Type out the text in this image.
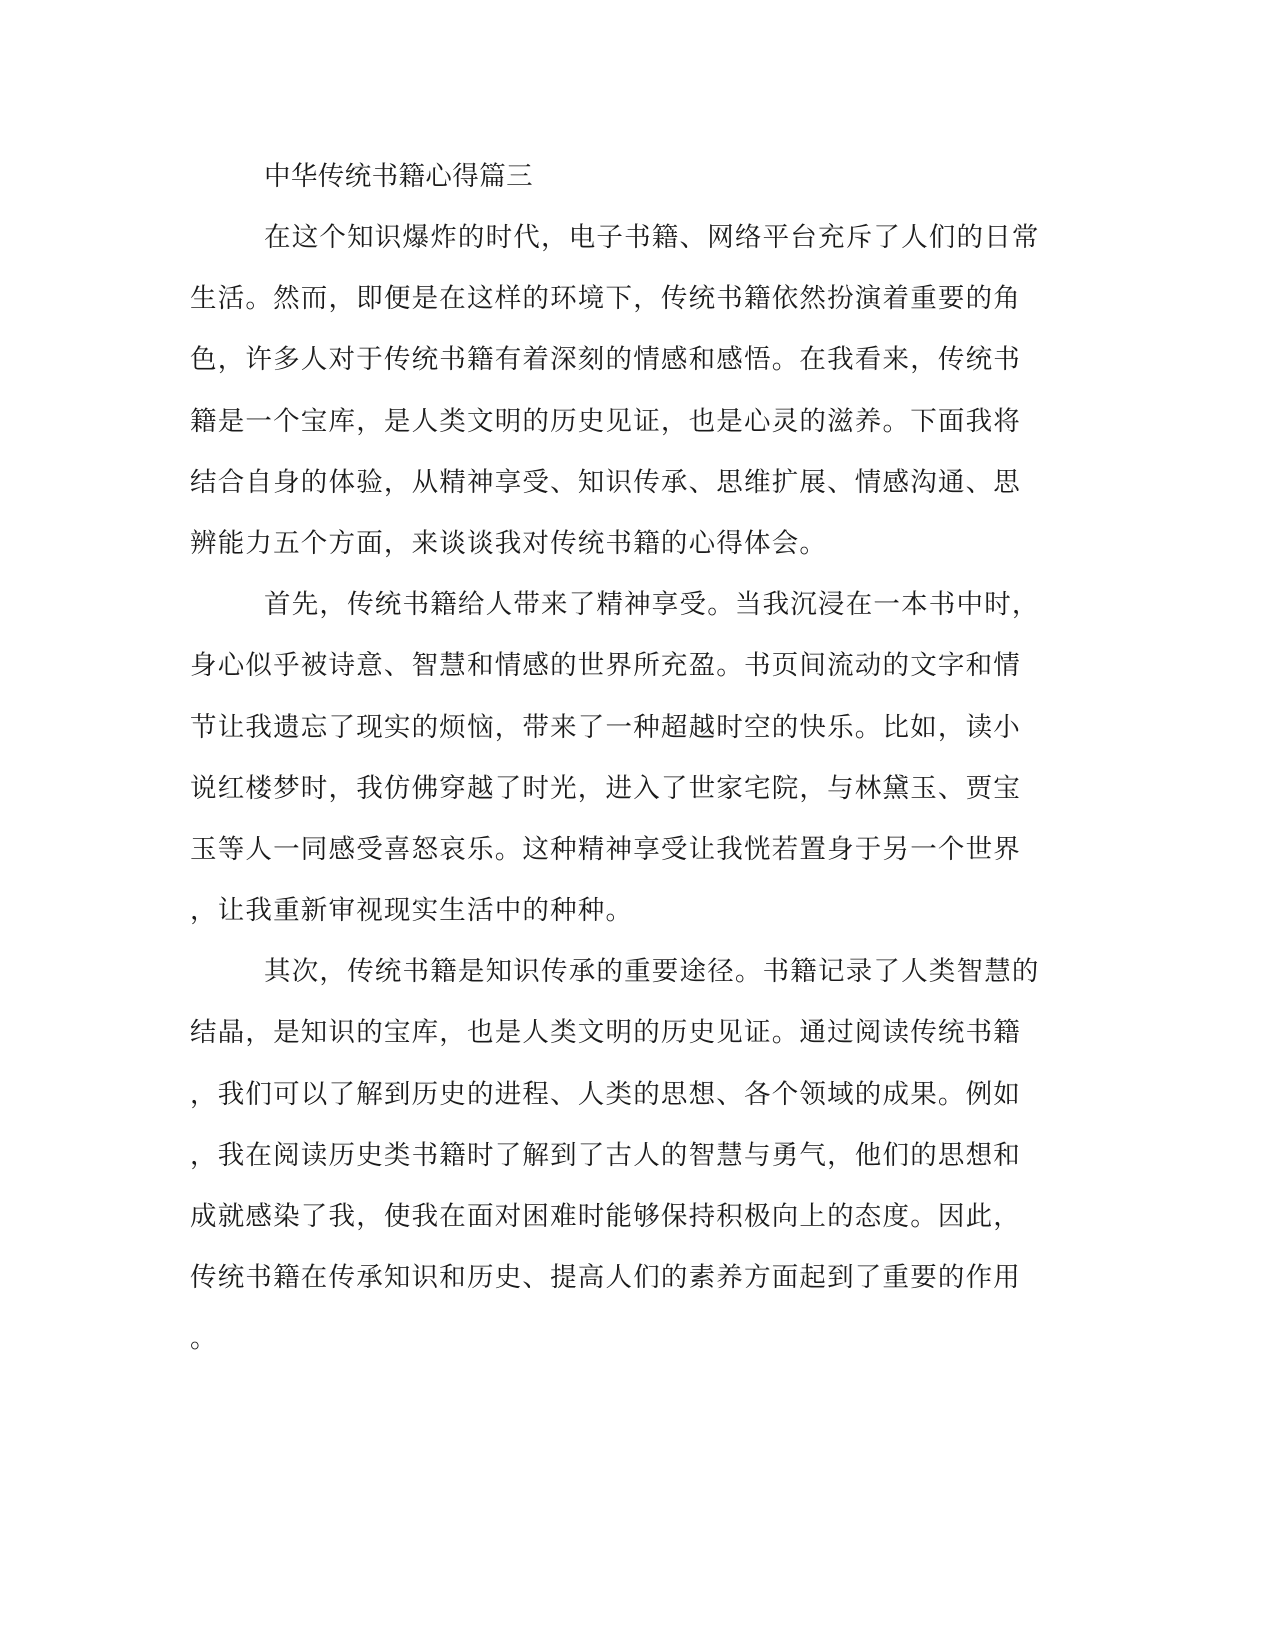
中华传统书籍心得篇三
在这个知识爆炸的时代，电子书籍、网络平台充斥了人们的日常
生活。然而，即便是在这样的环境下，传统书籍依然扮演着重要的角
色，许多人对于传统书籍有着深刻的情感和感悟。在我看来，传统书
籍是一个宝库，是人类文明的历史见证，也是心灵的滋养。下面我将
结合自身的体验，从精神享受、知识传承、思维扩展、情感沟通、思
辨能力五个方面，来谈谈我对传统书籍的心得体会。
首先，传统书籍给人带来了精神享受。当我沉浸在一本书中时，
身心似乎被诗意、智慧和情感的世界所充盈。书页间流动的文字和情
节让我遗忘了现实的烦恼，带来了一种超越时空的快乐。比如，读小
说红楼梦时，我仿佛穿越了时光，进入了世家宅院，与林黛玉、贾宝
玉等人一同感受喜怒哀乐。这种精神享受让我恍若置身于另一个世界
，让我重新审视现实生活中的种种。
其次，传统书籍是知识传承的重要途径。书籍记录了人类智慧的
结晶，是知识的宝库，也是人类文明的历史见证。通过阅读传统书籍
，我们可以了解到历史的进程、人类的思想、各个领域的成果。例如
，我在阅读历史类书籍时了解到了古人的智慧与勇气，他们的思想和
成就感染了我，使我在面对困难时能够保持积极向上的态度。因此，
传统书籍在传承知识和历史、提高人们的素养方面起到了重要的作用
。
